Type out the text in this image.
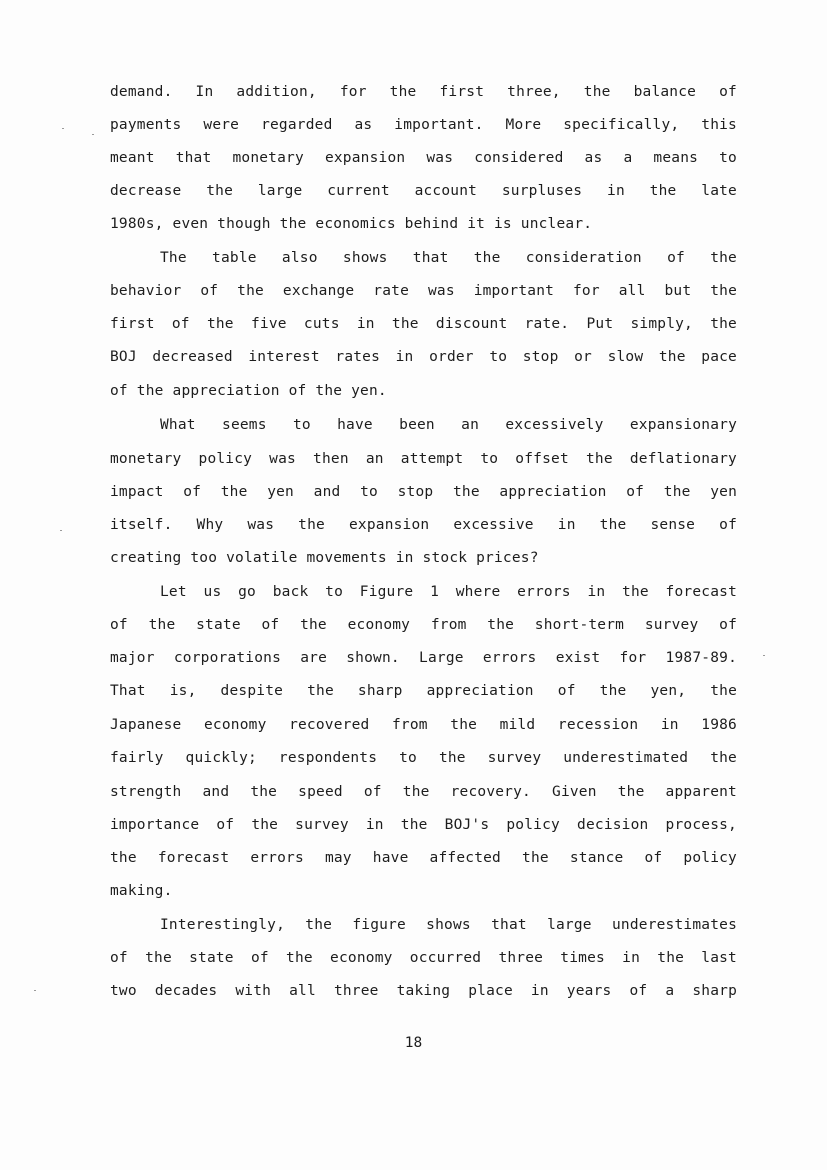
demand. In addition, for the first three, the balance of
payments were regarded as important. More specifically, this
meant that monetary expansion was considered as a means to
decrease the large current account surpluses in the late
1980s, even though the economics behind it is unclear.
The table also shows that the consideration of the
behavior of the exchange rate was important for all but the
first of the five cuts in the discount rate. Put simply, the
BOJ decreased interest rates in order to stop or slow the pace
of the appreciation of the yen.
What seems to have been an excessively expansionary
monetary policy was then an attempt to offset the deflationary
impact of the yen and to stop the appreciation of the yen
itself. Why was the expansion excessive in the sense of
creating too volatile movements in stock prices?
Let us go back to Figure 1 where errors in the forecast
of the state of the economy from the short-term survey of
major corporations are shown. Large errors exist for 1987-89.
That is, despite the sharp appreciation of the yen, the
Japanese economy recovered from the mild recession in 1986
fairly quickly; respondents to the survey underestimated the
strength and the speed of the recovery. Given the apparent
importance of the survey in the BOJ's policy decision process,
the forecast errors may have affected the stance of policy
making.
Interestingly, the figure shows that large underestimates
of the state of the economy occurred three times in the last
two decades with all three taking place in years of a sharp
18
